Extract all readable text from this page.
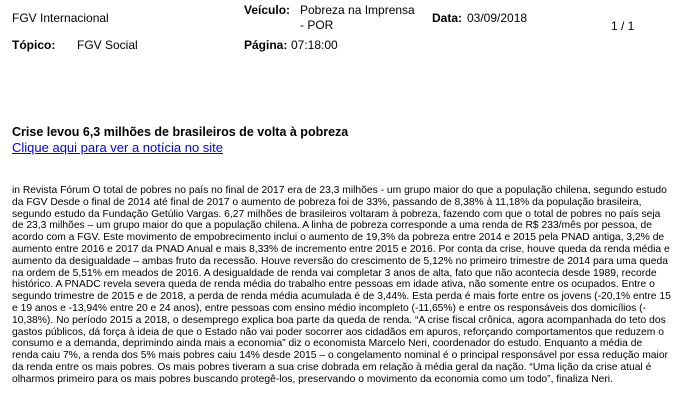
FGV Internacional
Veículo: Pobreza na Imprensa - POR	Data: 03/09/2018
1 / 1
Tópico: FGV Social	Página: 07:18:00
Crise levou 6,3 milhões de brasileiros de volta à pobreza
Clique aqui para ver a notícia no site
in Revista Fórum O total de pobres no país no final de 2017 era de 23,3 milhões - um grupo maior do que a população chilena, segundo estudo
da FGV Desde o final de 2014 até final de 2017 o aumento de pobreza foi de 33%, passando de 8,38% à 11,18% da população brasileira,
segundo estudo da Fundação Getúlio Vargas. 6,27 milhões de brasileiros voltaram à pobreza, fazendo com que o total de pobres no país seja
de 23,3 milhões – um grupo maior do que a população chilena. A linha de pobreza corresponde a uma renda de R$ 233/mês por pessoa, de
acordo com a FGV. Este movimento de empobrecimento inclui o aumento de 19,3% da pobreza entre 2014 e 2015 pela PNAD antiga, 3,2% de
aumento entre 2016 e 2017 da PNAD Anual e mais 8,33% de incremento entre 2015 e 2016. Por conta da crise, houve queda da renda média e
aumento da desigualdade – ambas fruto da recessão. Houve reversão do crescimento de 5,12% no primeiro trimestre de 2014 para uma queda
na ordem de 5,51% em meados de 2016. A desigualdade de renda vai completar 3 anos de alta, fato que não acontecia desde 1989, recorde
histórico. A PNADC revela severa queda de renda média do trabalho entre pessoas em idade ativa, não somente entre os ocupados. Entre o
segundo trimestre de 2015 e de 2018, a perda de renda média acumulada é de 3,44%. Esta perda é mais forte entre os jovens (-20,1% entre 15
e 19 anos e -13,94% entre 20 e 24 anos), entre pessoas com ensino médio incompleto (-11,65%) e entre os responsáveis dos domicílios (-
10,38%). No período 2015 a 2018, o desemprego explica boa parte da queda de renda. “A crise fiscal crônica, agora acompanhada do teto dos
gastos públicos, dá força à ideia de que o Estado não vai poder socorrer aos cidadãos em apuros, reforçando comportamentos que reduzem o
consumo e a demanda, deprimindo ainda mais a economia” diz o economista Marcelo Neri, coordenador do estudo. Enquanto a média de
renda caiu 7%, a renda dos 5% mais pobres caiu 14% desde 2015 – o congelamento nominal é o principal responsável por essa redução maior
da renda entre os mais pobres. Os mais pobres tiveram a sua crise dobrada em relação à média geral da nação. “Uma lição da crise atual é
olharmos primeiro para os mais pobres buscando protegê-los, preservando o movimento da economia como um todo”, finaliza Neri.
